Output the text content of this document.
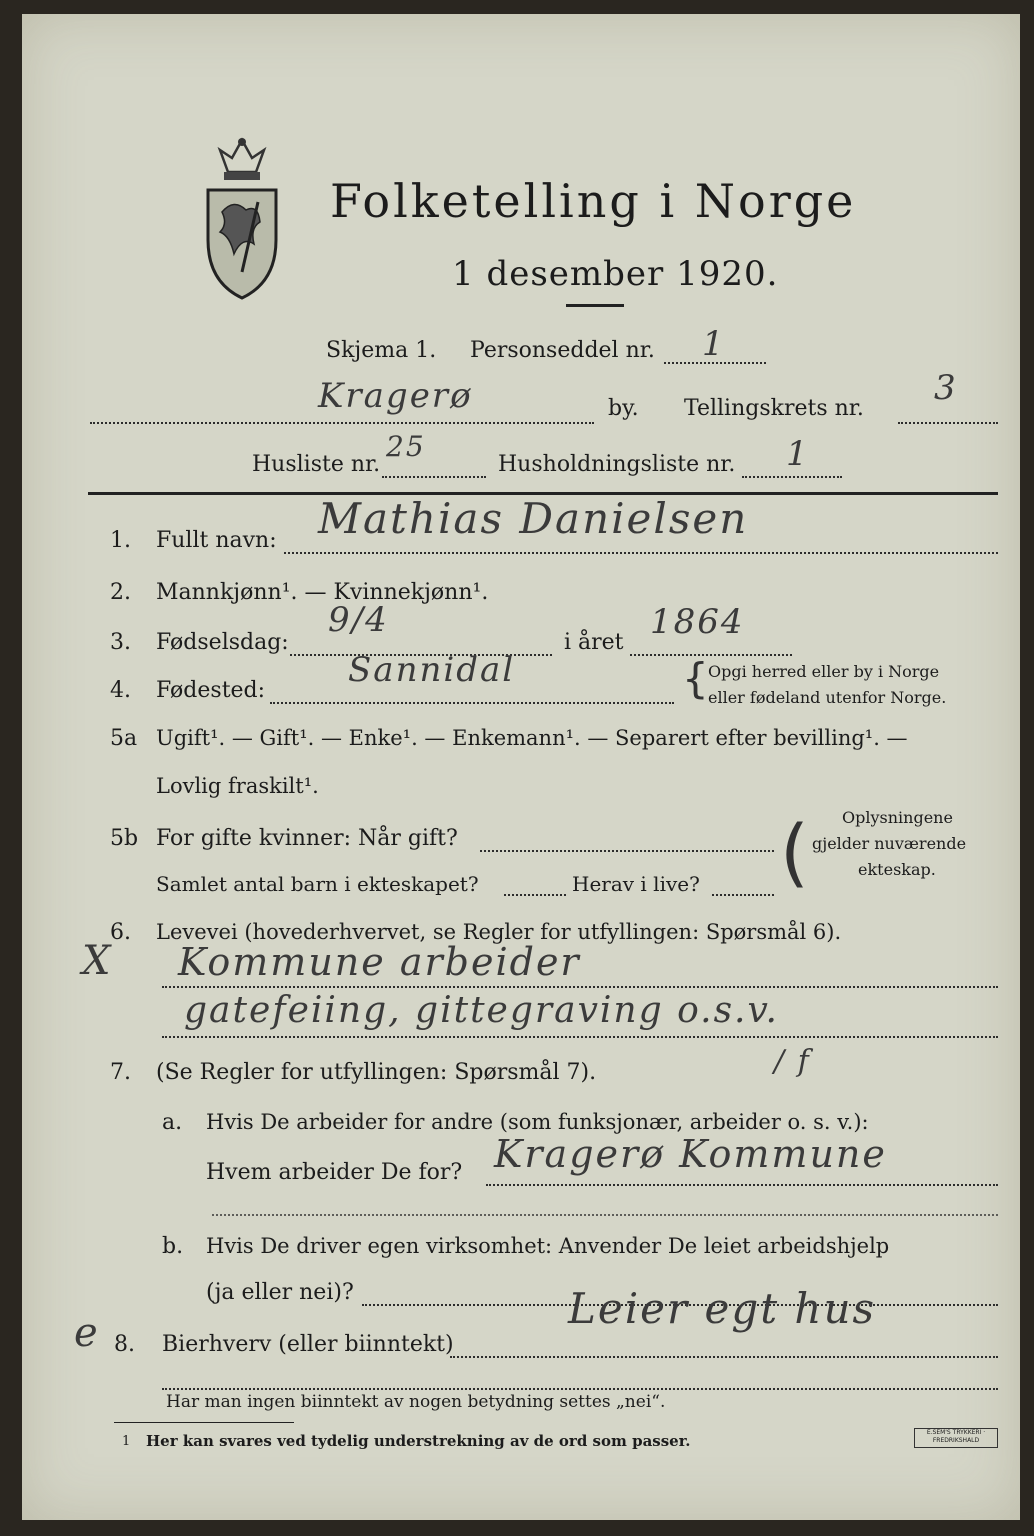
Folketelling i Norge
1 desember 1920.
Skjema 1. Personseddel nr. 1
Kragerø	by. Tellingskrets nr.
3
Husliste nr.
25
Husholdningsliste nr. 1
1. Fullt navn: Mathias Danielsen
2. Mannkjønn¹. — Kvinnekjønn¹.
3. Fødselsdag:
9/4
i året
1864
4. Fødested:
Sannidal	{ Opgi herred eller by i Norge
eller fødeland utenfor Norge.
5a Ugift¹. — Gift¹. — Enke¹. — Enkemann¹. — Separert efter bevilling¹. —
Lovlig fraskilt¹.
5b For gifte kvinner: Når gift?
Samlet antal barn i ekteskapet?	Herav i live? ( Oplysningene
gjelder nuværende
ekteskap.
6. Levevei (hovederhvervet, se Regler for utfyllingen: Spørsmål 6).
X Kommune arbeider
gatefeiing, gittegraving o.s.v.
7. (Se Regler for utfyllingen: Spørsmål 7).	/ f
a. Hvis De arbeider for andre (som funksjonær, arbeider o. s. v.):
Hvem arbeider De for? Kragerø Kommune
b. Hvis De driver egen virksomhet: Anvender De leiet arbeidshjelp
(ja eller nei)?
e 8. Bierhverv (eller biinntekt)
Leier egt hus
Har man ingen biinntekt av nogen betydning settes „nei“.
1 Her kan svares ved tydelig understrekning av de ord som passer.	E.SEM'S TRYKKERI · FREDRIKSHALD
